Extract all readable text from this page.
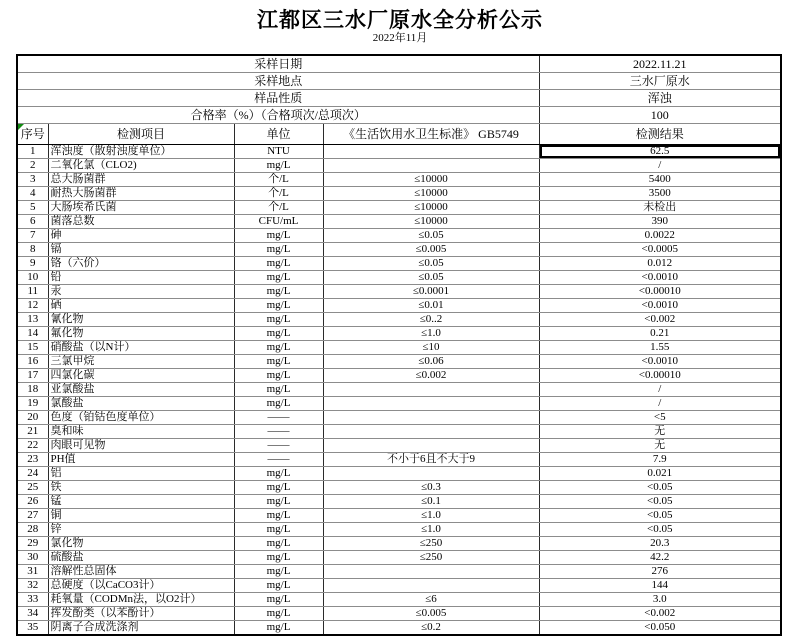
江都区三水厂原水全分析公示
2022年11月
采样日期				2022.11.21
采样地点				三水厂原水
样品性质				浑浊
合格率（%）（合格项次/总项次）				100
序号	检测项目	单位	《生活饮用水卫生标准》 GB5749	检测结果
1	浑浊度（散射浊度单位）	NTU		62.5
2	二氧化氯（CLO2)	mg/L		/
3	总大肠菌群	个/L	≤10000	5400
4	耐热大肠菌群	个/L	≤10000	3500
5	大肠埃希氏菌	个/L	≤10000	未检出
6	菌落总数	CFU/mL	≤10000	390
7	砷	mg/L	≤0.05	0.0022
8	镉	mg/L	≤0.005	<0.0005
9	铬（六价）	mg/L	≤0.05	0.012
10	铅	mg/L	≤0.05	<0.0010
11	汞	mg/L	≤0.0001	<0.00010
12	硒	mg/L	≤0.01	<0.0010
13	氰化物	mg/L	≤0..2	<0.002
14	氟化物	mg/L	≤1.0	0.21
15	硝酸盐（以N计）	mg/L	≤10	1.55
16	三氯甲烷	mg/L	≤0.06	<0.0010
17	四氯化碳	mg/L	≤0.002	<0.00010
18	亚氯酸盐	mg/L		/
19	氯酸盐	mg/L		/
20	色度（铂钴色度单位）	——		<5
21	臭和味	——		无
22	肉眼可见物	——		无
23	PH值	——	不小于6且不大于9	7.9
24	铝	mg/L		0.021
25	铁	mg/L	≤0.3	<0.05
26	锰	mg/L	≤0.1	<0.05
27	铜	mg/L	≤1.0	<0.05
28	锌	mg/L	≤1.0	<0.05
29	氯化物	mg/L	≤250	20.3
30	硫酸盐	mg/L	≤250	42.2
31	溶解性总固体	mg/L		276
32	总硬度（以CaCO3计）	mg/L		144
33	耗氧量（CODMn法，以O2计）	mg/L	≤6	3.0
34	挥发酚类（以苯酚计）	mg/L	≤0.005	<0.002
35	阴离子合成洗涤剂	mg/L	≤0.2	<0.050
